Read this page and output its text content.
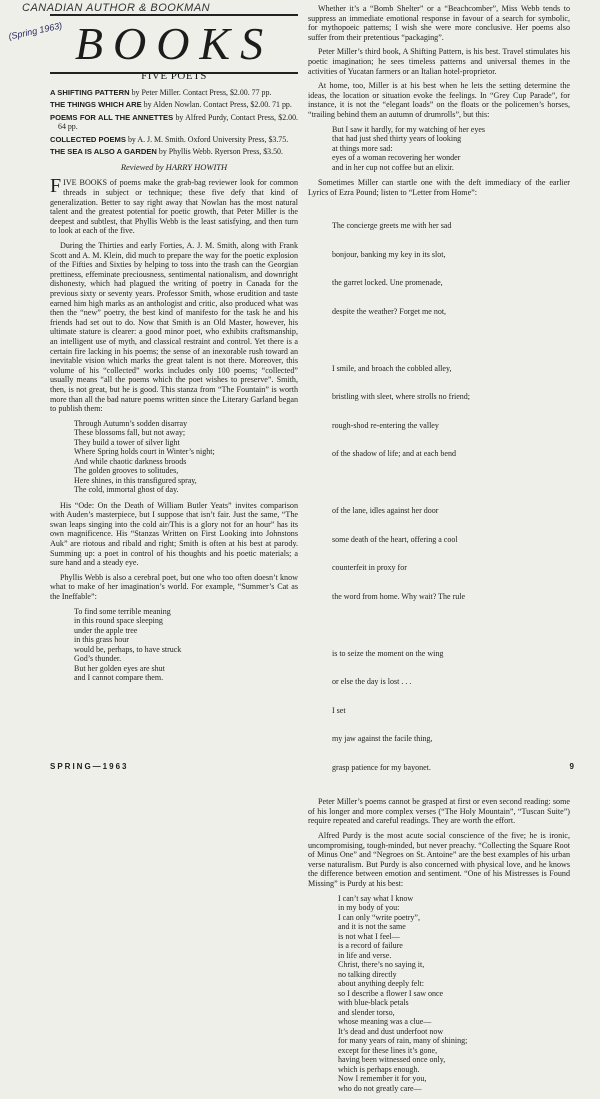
CANADIAN AUTHOR & BOOKMAN
(Spring 1963) BOOKS
FIVE POETS

A SHIFTING PATTERN by Peter Miller. Contact Press, $2.00. 77 pp.

THE THINGS WHICH ARE by Alden Nowlan. Contact Press, $2.00. 71 pp.

POEMS FOR ALL THE ANNETTES by Alfred Purdy, Contact Press, $2.00. 64 pp.

COLLECTED POEMS by A. J. M. Smith. Oxford University Press, $3.75.

THE SEA IS ALSO A GARDEN by Phyllis Webb. Ryerson Press, $3.50.

Reviewed by HARRY HOWITH

FIVE BOOKS of poems make the grab-bag reviewer look for common threads in subject or technique; these five defy that kind of generalization. Better to say right away that Nowlan has the most natural talent and the greatest potential for poetic growth, that Peter Miller is the deepest and subtlest, that Phyllis Webb is the least satisfying, and then turn to look at each of the five.

During the Thirties and early Forties, A. J. M. Smith, along with Frank Scott and A. M. Klein, did much to prepare the way for the poetic explosion of the Fifties and Sixties by helping to toss into the trash can the Georgian prettiness, effeminate preciousness, sentimental nationalism, and downright dishonesty, which had plagued the writing of poetry in Canada for the previous sixty or seventy years. Professor Smith, whose erudition and taste earned him high marks as an anthologist and critic, also produced what was then the “new” poetry, the best kind of manifesto for the task he and his friends had set out to do. Now that Smith is an Old Master, however, his ultimate stature is clearer: a good minor poet, who exhibits craftsmanship, an intelligent use of myth, and classical restraint and control. Yet there is a certain fire lacking in his poems; the sense of an inexorable rush toward an inevitable vision which marks the great talent is not there. Moreover, this volume of his “collected” works includes only 100 poems; “collected” usually means “all the poems which the poet wishes to preserve”. Smith, then, is not great, but he is good. This stanza from “The Fountain” is worth more than all the bad nature poems written since the Literary Garland began to publish them:

Through Autumn’s sodden disarray
These blossoms fall, but not away;
They build a tower of silver light
Where Spring holds court in Winter’s night;
And while chaotic darkness broods
The golden grooves to solitudes,
Here shines, in this transfigured spray,
The cold, immortal ghost of day.

His “Ode: On the Death of William Butler Yeats” invites comparison with Auden’s masterpiece, but I suppose that isn’t fair. Just the same, “The swan leaps singing into the cold air/This is a glory not for an hour” has its own magnificence. His “Stanzas Written on First Looking into Johnstons Auk” are riotous and ribald and right; Smith is often at his best at parody. Summing up: a poet in control of his thoughts and his poetic materials; a sure hand and a steady eye.

Phyllis Webb is also a cerebral poet, but one who too often doesn’t know what to make of her imagination’s world. For example, “Summer’s Cat as the Ineffable”:

To find some terrible meaning
in this round space sleeping
under the apple tree
in this grass hour
would be, perhaps, to have struck
God’s thunder.
But her golden eyes are shut
and I cannot compare them.

Whether it’s a “Bomb Shelter” or a “Beachcomber”, Miss Webb tends to suppress an immediate emotional response in favour of a search for symbolic, for mythopoeic patterns; I wish she were more conclusive. Her poems also suffer from their pretentious “packaging”.

Peter Miller’s third book, A Shifting Pattern, is his best. Travel stimulates his poetic imagination; he sees timeless patterns and universal themes in the activities of Yucatan farmers or an Italian hotel-proprietor.

At home, too, Miller is at his best when he lets the setting determine the ideas, the location or situation evoke the feelings. In “Grey Cup Parade”, for instance, it is not the “elegant loads” on the floats or the policemen’s horses, “trailing behind them an autumn of drumrolls”, but this:

But I saw it hardly, for my watching of her eyes
that had just shed thirty years of looking
at things more sad:
eyes of a woman recovering her wonder
and in her cup not coffee but an elixir.

Sometimes Miller can startle one with the deft immediacy of the earlier Lyrics of Ezra Pound; listen to “Letter from Home”:

The concierge greets me with her sad

bonjour, banking my key in its slot,

the garret locked. Une promenade,

despite the weather? Forget me not,

I smile, and broach the cobbled alley,

bristling with sleet, where strolls no friend;

rough-shod re-entering the valley

of the shadow of life; and at each bend

of the lane, idles against her door

some death of the heart, offering a cool

counterfeit in proxy for

the word from home. Why wait? The rule

is to seize the moment on the wing

or else the day is lost . . .

I set

my jaw against the facile thing,

grasp patience for my bayonet.

Peter Miller’s poems cannot be grasped at first or even second reading: some of his longer and more complex verses (“The Holy Mountain”, “Tuscan Suite”) require repeated and careful readings. They are worth the effort.

Alfred Purdy is the most acute social conscience of the five; he is ironic, uncompromising, tough-minded, but never preachy. “Collecting the Square Root of Minus One” and “Negroes on St. Antoine” are the best examples of his urban verse naturalism. But Purdy is also concerned with physical love, and he knows the difference between emotion and sentiment. “One of his Mistresses is Found Missing” is Purdy at his best:

I can’t say what I know
in my body of you:
I can only “write poetry”,
and it is not the same
is not what I feel—
is a record of failure
in life and verse.
Christ, there’s no saying it,
no talking directly
about anything deeply felt:
so I describe a flower I saw once
with blue-black petals
and slender torso,
whose meaning was a clue—
It’s dead and dust underfoot now
for many years of rain, many of shining;
except for these lines it’s gone,
having been witnessed once only,
which is perhaps enough.
Now I remember it for you,
who do not greatly care—
SPRING—1963	9
